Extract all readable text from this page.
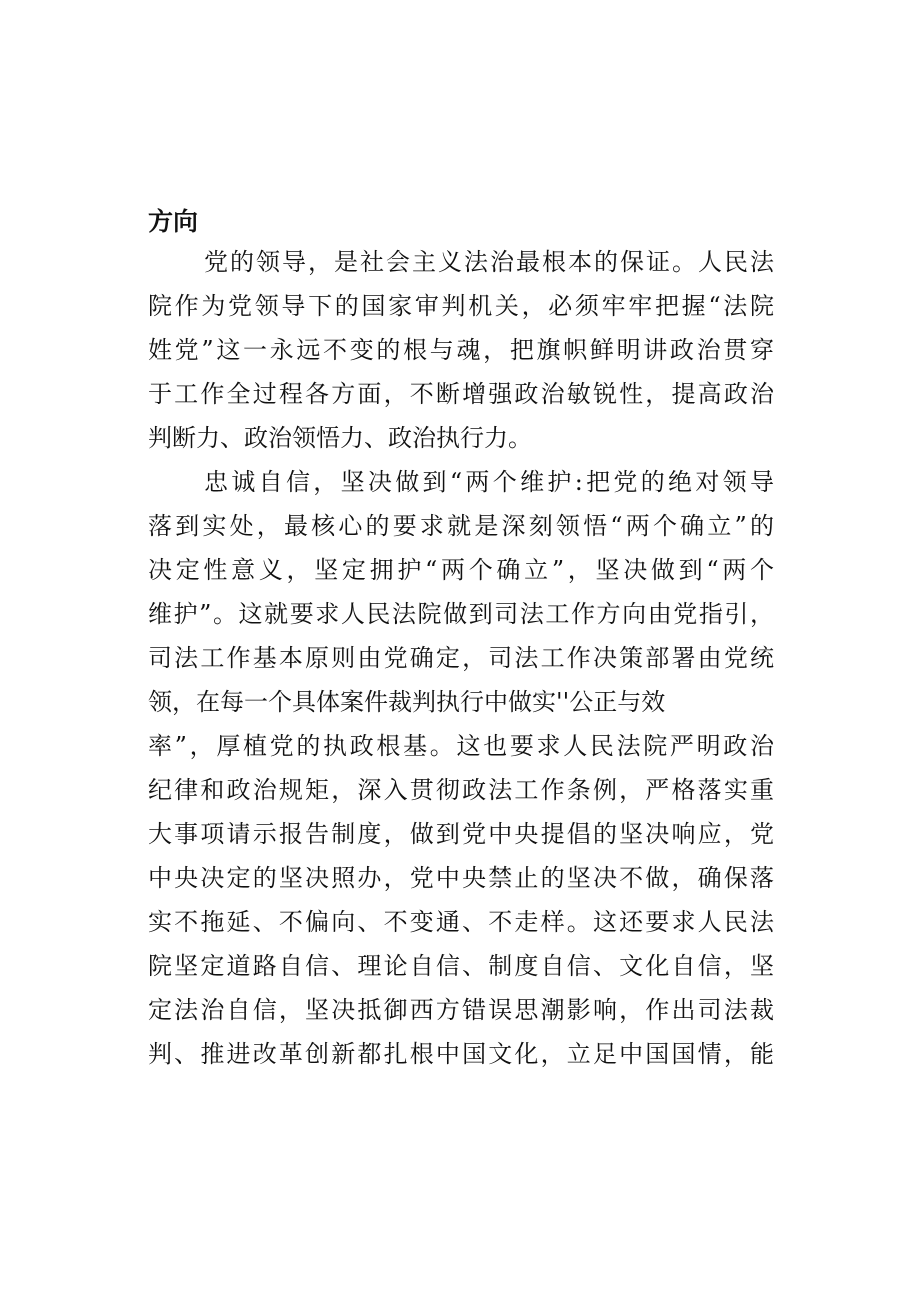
方向
党的领导，是社会主义法治最根本的保证。人民法
院作为党领导下的国家审判机关，必须牢牢把握“法院
姓党”这一永远不变的根与魂，把旗帜鲜明讲政治贯穿
于工作全过程各方面，不断增强政治敏锐性，提高政治
判断力、政治领悟力、政治执行力。
忠诚自信，坚决做到“两个维护:把党的绝对领导
落到实处，最核心的要求就是深刻领悟“两个确立”的
决定性意义，坚定拥护“两个确立”，坚决做到“两个
维护”。这就要求人民法院做到司法工作方向由党指引，
司法工作基本原则由党确定，司法工作决策部署由党统
领，在每一个具体案件裁判执行中做实''公正与效
率”，厚植党的执政根基。这也要求人民法院严明政治
纪律和政治规矩，深入贯彻政法工作条例，严格落实重
大事项请示报告制度，做到党中央提倡的坚决响应，党
中央决定的坚决照办，党中央禁止的坚决不做，确保落
实不拖延、不偏向、不变通、不走样。这还要求人民法
院坚定道路自信、理论自信、制度自信、文化自信，坚
定法治自信，坚决抵御西方错误思潮影响，作出司法裁
判、推进改革创新都扎根中国文化，立足中国国情，能
